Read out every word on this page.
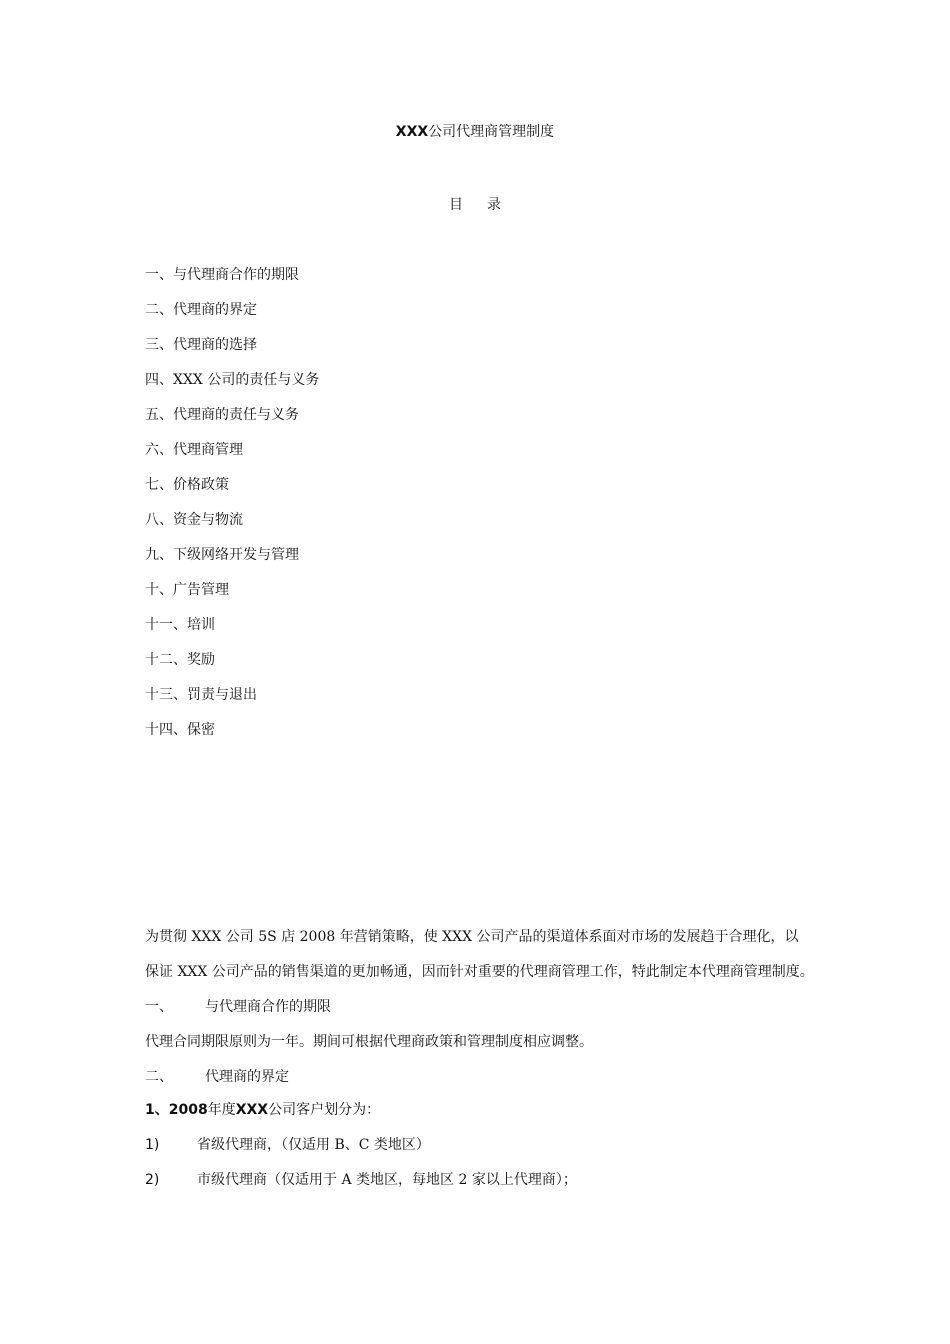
XXX公司代理商管理制度
目 录
一、与代理商合作的期限
二、代理商的界定
三、代理商的选择
四、XXX 公司的责任与义务
五、代理商的责任与义务
六、代理商管理
七、价格政策
八、资金与物流
九、下级网络开发与管理
十、广告管理
十一、培训
十二、奖励
十三、罚责与退出
十四、保密
为贯彻 XXX 公司 5S 店 2008 年营销策略，使 XXX 公司产品的渠道体系面对市场的发展趋于合理化，以
保证 XXX 公司产品的销售渠道的更加畅通，因而针对重要的代理商管理工作，特此制定本代理商管理制度。
一、 与代理商合作的期限
代理合同期限原则为一年。期间可根据代理商政策和管理制度相应调整。
二、 代理商的界定
1、2008年度XXX公司客户划分为：
1)	省级代理商，（仅适用 B、C 类地区）
2)	市级代理商（仅适用于 A 类地区，每地区 2 家以上代理商）；
